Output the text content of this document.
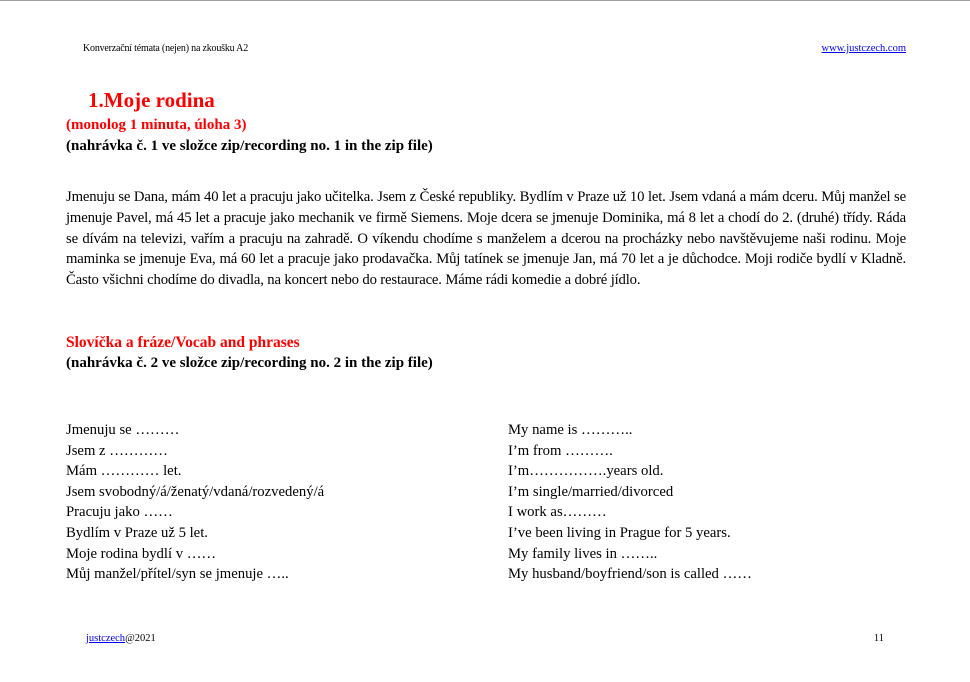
Konverzační témata (nejen) na zkoušku A2	www.justczech.com
1.Moje rodina
(monolog 1 minuta, úloha 3)
(nahrávka č. 1 ve složce zip/recording no. 1 in the zip file)
Jmenuju se Dana, mám 40 let a pracuju jako učitelka. Jsem z České republiky. Bydlím v Praze už 10 let. Jsem vdaná a mám dceru. Můj manžel se jmenuje Pavel, má 45 let a pracuje jako mechanik ve firmě Siemens. Moje dcera se jmenuje Dominika, má 8 let a chodí do 2. (druhé) třídy. Ráda se dívám na televizi, vařím a pracuju na zahradě. O víkendu chodíme s manželem a dcerou na procházky nebo navštěvujeme naši rodinu. Moje maminka se jmenuje Eva, má 60 let a pracuje jako prodavačka. Můj tatínek se jmenuje Jan, má 70 let a je důchodce. Moji rodiče bydlí v Kladně. Často všichni chodíme do divadla, na koncert nebo do restaurace. Máme rádi komedie a dobré jídlo.
Slovíčka a fráze/Vocab and phrases
(nahrávka č. 2 ve složce zip/recording no. 2 in the zip file)
Jmenuju se ………
Jsem z …………
Mám ………… let.
Jsem svobodný/á/ženatý/vdaná/rozvedený/á
Pracuju jako ……
Bydlím v Praze už 5 let.
Moje rodina bydlí v ……
Můj manžel/přítel/syn se jmenuje …..
My name is ………..
I’m from ……….
I’m…………….years old.
I’m single/married/divorced
I work as………
I’ve been living in Prague for 5 years.
My family lives in ……..
My husband/boyfriend/son is called ……
justczech@2021	11
